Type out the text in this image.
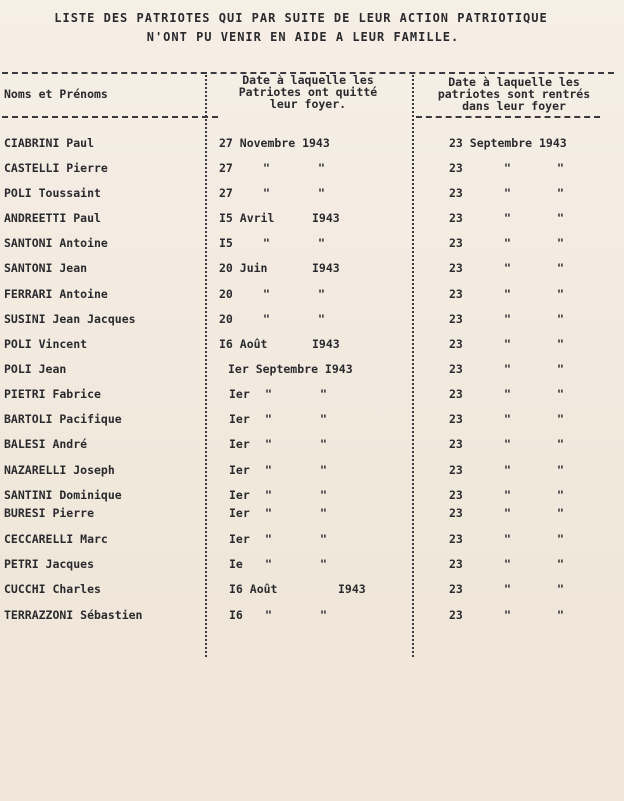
LISTE DES PATRIOTES QUI PAR SUITE DE LEUR ACTION PATRIOTIQUE
N'ONT PU VENIR EN AIDE A LEUR FAMILLE.
Noms et Prénoms
Date à laquelle les
Patriotes ont quitté
leur foyer.
Date à laquelle les
patriotes sont rentrés
dans leur foyer
CIABRINI Paul	27 Novembre 1943	23 Septembre 1943
CASTELLI Pierre	27	"	"	23	"	"
POLI Toussaint	27	"	"	23	"	"
ANDREETTI Paul	I5 Avril	I943	23	"	"
SANTONI Antoine	I5	"	"	23	"	"
SANTONI Jean	20 Juin	I943	23	"	"
FERRARI Antoine	20	"	"	23	"	"
SUSINI Jean Jacques	20	"	"	23	"	"
POLI Vincent	I6 Août	I943	23	"	"
POLI Jean	Ier Septembre I943	23	"	"
PIETRI Fabrice	Ier "	"	23	"	"
BARTOLI Pacifique	Ier "	"	23	"	"
BALESI André	Ier "	"	23	"	"
NAZARELLI Joseph	Ier "	"	23	"	"
SANTINI Dominique	Ier "	"	23	"	"
BURESI Pierre	Ier "	"	23	"	"
CECCARELLI Marc	Ier "	"	23	"	"
PETRI Jacques	Ie "	"	23	"	"
CUCCHI Charles	I6 Août	I943	23	"	"
TERRAZZONI Sébastien	I6 "	"	23	"	"
